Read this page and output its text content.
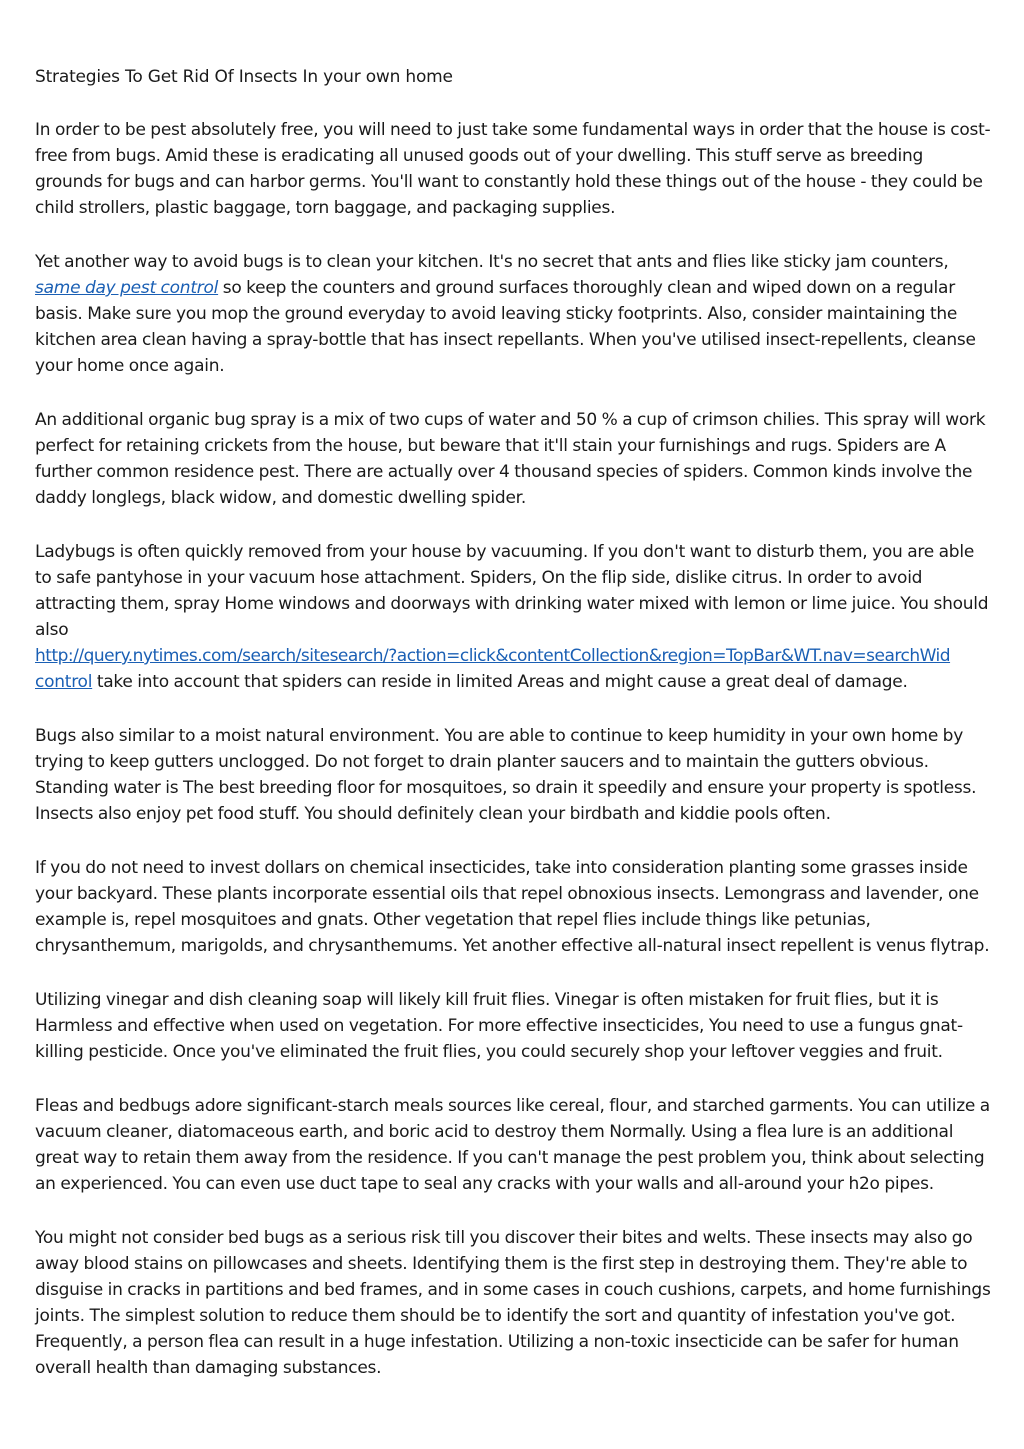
Strategies To Get Rid Of Insects In your own home

In order to be pest absolutely free, you will need to just take some fundamental ways in order that the house is cost-free from bugs. Amid these is eradicating all unused goods out of your dwelling. This stuff serve as breeding grounds for bugs and can harbor germs. You'll want to constantly hold these things out of the house - they could be child strollers, plastic baggage, torn baggage, and packaging supplies.

Yet another way to avoid bugs is to clean your kitchen. It's no secret that ants and flies like sticky jam counters,
same day pest control so keep the counters and ground surfaces thoroughly clean and wiped down on a regular basis. Make sure you mop the ground everyday to avoid leaving sticky footprints. Also, consider maintaining the kitchen area clean having a spray-bottle that has insect repellants. When you've utilised insect-repellents, cleanse your home once again.

An additional organic bug spray is a mix of two cups of water and 50 % a cup of crimson chilies. This spray will work perfect for retaining crickets from the house, but beware that it'll stain your furnishings and rugs. Spiders are A further common residence pest. There are actually over 4 thousand species of spiders. Common kinds involve the daddy longlegs, black widow, and domestic dwelling spider.

Ladybugs is often quickly removed from your house by vacuuming. If you don't want to disturb them, you are able to safe pantyhose in your vacuum hose attachment. Spiders, On the flip side, dislike citrus. In order to avoid attracting them, spray Home windows and doorways with drinking water mixed with lemon or lime juice. You should also

http://query.nytimes.com/search/sitesearch/?action=click&contentCollection&region=TopBar&WT.nav=searchWid
control take into account that spiders can reside in limited Areas and might cause a great deal of damage.

Bugs also similar to a moist natural environment. You are able to continue to keep humidity in your own home by trying to keep gutters unclogged. Do not forget to drain planter saucers and to maintain the gutters obvious. Standing water is The best breeding floor for mosquitoes, so drain it speedily and ensure your property is spotless. Insects also enjoy pet food stuff. You should definitely clean your birdbath and kiddie pools often.

If you do not need to invest dollars on chemical insecticides, take into consideration planting some grasses inside your backyard. These plants incorporate essential oils that repel obnoxious insects. Lemongrass and lavender, one example is, repel mosquitoes and gnats. Other vegetation that repel flies include things like petunias, chrysanthemum, marigolds, and chrysanthemums. Yet another effective all-natural insect repellent is venus flytrap.

Utilizing vinegar and dish cleaning soap will likely kill fruit flies. Vinegar is often mistaken for fruit flies, but it is Harmless and effective when used on vegetation. For more effective insecticides, You need to use a fungus gnat-killing pesticide. Once you've eliminated the fruit flies, you could securely shop your leftover veggies and fruit.

Fleas and bedbugs adore significant-starch meals sources like cereal, flour, and starched garments. You can utilize a vacuum cleaner, diatomaceous earth, and boric acid to destroy them Normally. Using a flea lure is an additional great way to retain them away from the residence. If you can't manage the pest problem you, think about selecting an experienced. You can even use duct tape to seal any cracks with your walls and all-around your h2o pipes.

You might not consider bed bugs as a serious risk till you discover their bites and welts. These insects may also go away blood stains on pillowcases and sheets. Identifying them is the first step in destroying them. They're able to disguise in cracks in partitions and bed frames, and in some cases in couch cushions, carpets, and home furnishings joints. The simplest solution to reduce them should be to identify the sort and quantity of infestation you've got. Frequently, a person flea can result in a huge infestation. Utilizing a non-toxic insecticide can be safer for human overall health than damaging substances.
